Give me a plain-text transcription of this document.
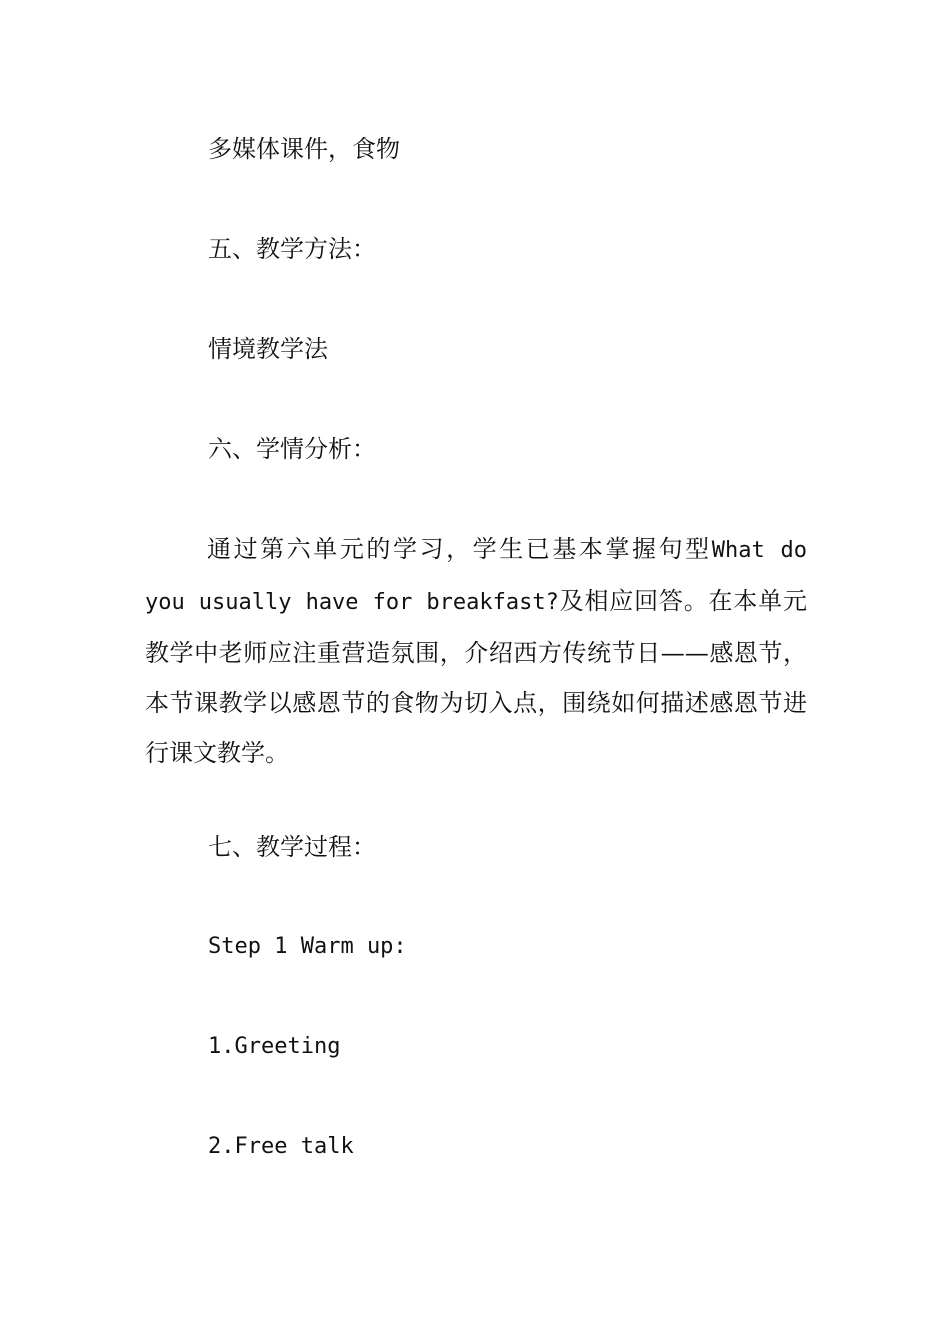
多媒体课件，食物
五、教学方法：
情境教学法
六、学情分析：
通过第六单元的学习，学生已基本掌握句型What do you usually have for breakfast?及相应回答。在本单元教学中老师应注重营造氛围，介绍西方传统节日——感恩节，本节课教学以感恩节的食物为切入点，围绕如何描述感恩节进行课文教学。
七、教学过程：
Step 1 Warm up:
1.Greeting
2.Free talk
